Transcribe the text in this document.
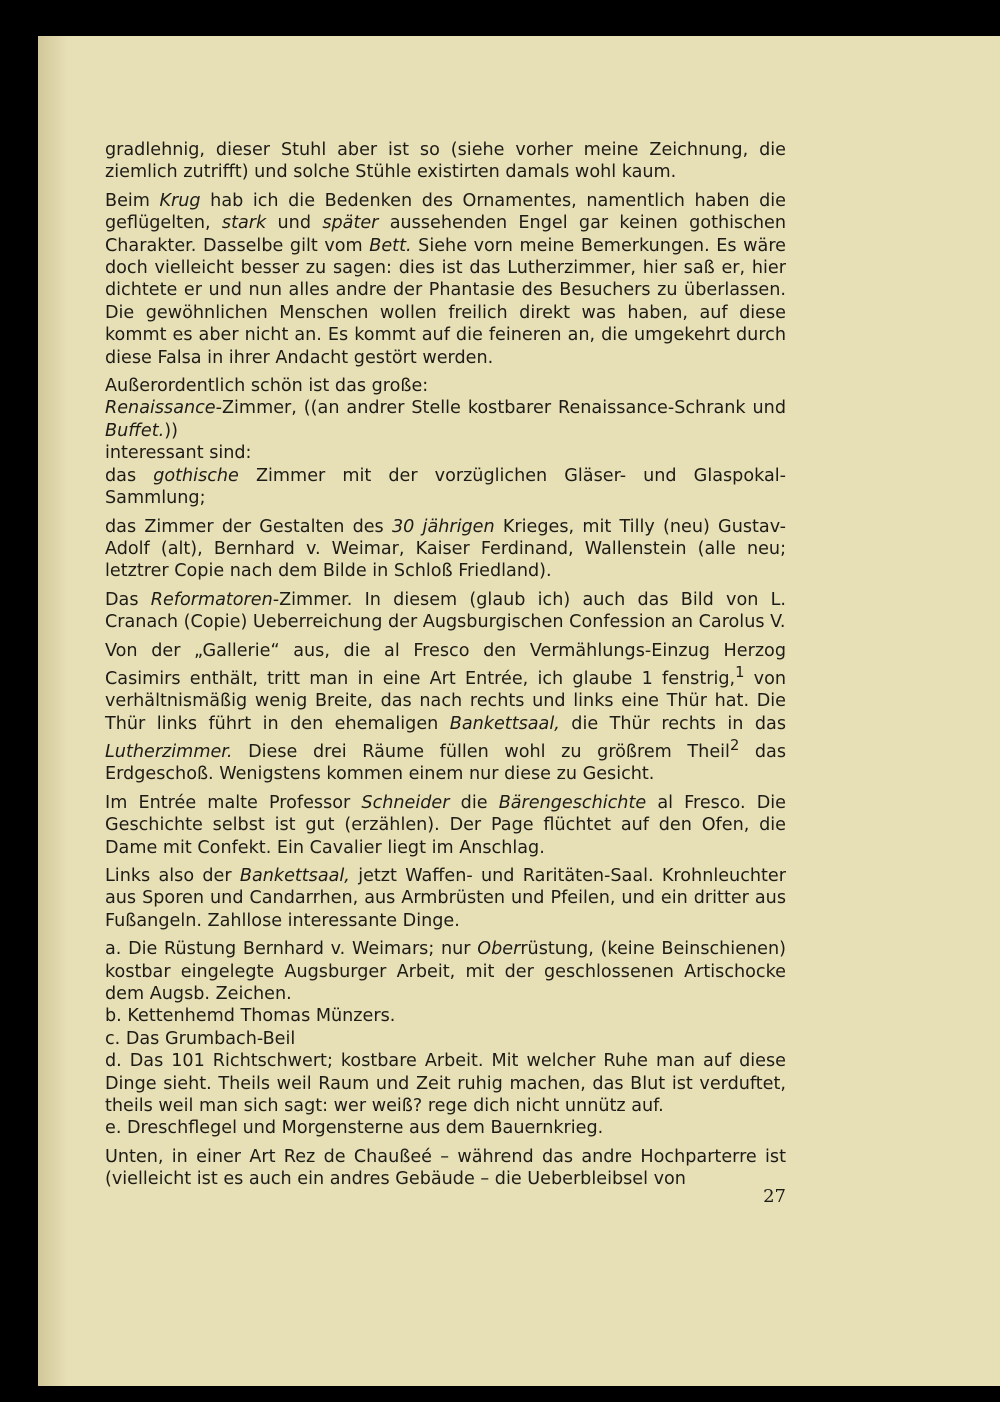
gradlehnig, dieser Stuhl aber ist so (siehe vorher meine Zeichnung, die ziemlich zutrifft) und solche Stühle existirten damals wohl kaum.

Beim Krug hab ich die Bedenken des Ornamentes, namentlich haben die geflügelten, stark und später aussehenden Engel gar keinen gothischen Charakter. Dasselbe gilt vom Bett. Siehe vorn meine Bemerkungen. Es wäre doch vielleicht besser zu sagen: dies ist das Lutherzimmer, hier saß er, hier dichtete er und nun alles andre der Phantasie des Besuchers zu überlassen. Die gewöhnlichen Menschen wollen freilich direkt was haben, auf diese kommt es aber nicht an. Es kommt auf die feineren an, die umgekehrt durch diese Falsa in ihrer Andacht gestört werden.

Außerordentlich schön ist das große:

Renaissance-Zimmer, ((an andrer Stelle kostbarer Renaissance-Schrank und Buffet.))

interessant sind:

das gothische Zimmer mit der vorzüglichen Gläser- und Glaspokal-Sammlung;

das Zimmer der Gestalten des 30 jährigen Krieges, mit Tilly (neu) Gustav-Adolf (alt), Bernhard v. Weimar, Kaiser Ferdinand, Wallenstein (alle neu; letztrer Copie nach dem Bilde in Schloß Friedland).

Das Reformatoren-Zimmer. In diesem (glaub ich) auch das Bild von L. Cranach (Copie) Ueberreichung der Augsburgischen Confession an Carolus V.

Von der „Gallerie“ aus, die al Fresco den Vermählungs-Einzug Herzog Casimirs enthält, tritt man in eine Art Entrée, ich glaube 1 fenstrig,$^1$ von verhältnismäßig wenig Breite, das nach rechts und links eine Thür hat. Die Thür links führt in den ehemaligen Bankettsaal, die Thür rechts in das Lutherzimmer. Diese drei Räume füllen wohl zu größrem Theil$^2$ das Erdgeschoß. Wenigstens kommen einem nur diese zu Gesicht.

Im Entrée malte Professor Schneider die Bärengeschichte al Fresco. Die Geschichte selbst ist gut (erzählen). Der Page flüchtet auf den Ofen, die Dame mit Confekt. Ein Cavalier liegt im Anschlag.

Links also der Bankettsaal, jetzt Waffen- und Raritäten-Saal. Krohnleuchter aus Sporen und Candarrhen, aus Armbrüsten und Pfeilen, und ein dritter aus Fußangeln. Zahllose interessante Dinge.

a. Die Rüstung Bernhard v. Weimars; nur Oberrüstung, (keine Beinschienen) kostbar eingelegte Augsburger Arbeit, mit der geschlossenen Artischocke dem Augsb. Zeichen.

b. Kettenhemd Thomas Münzers.

c. Das Grumbach-Beil

d. Das 101 Richtschwert; kostbare Arbeit. Mit welcher Ruhe man auf diese Dinge sieht. Theils weil Raum und Zeit ruhig machen, das Blut ist verduftet, theils weil man sich sagt: wer weiß? rege dich nicht unnütz auf.

e. Dreschflegel und Morgensterne aus dem Bauernkrieg.

Unten, in einer Art Rez de Chaußeé – während das andre Hochparterre ist (vielleicht ist es auch ein andres Gebäude – die Ueberbleibsel von

27
